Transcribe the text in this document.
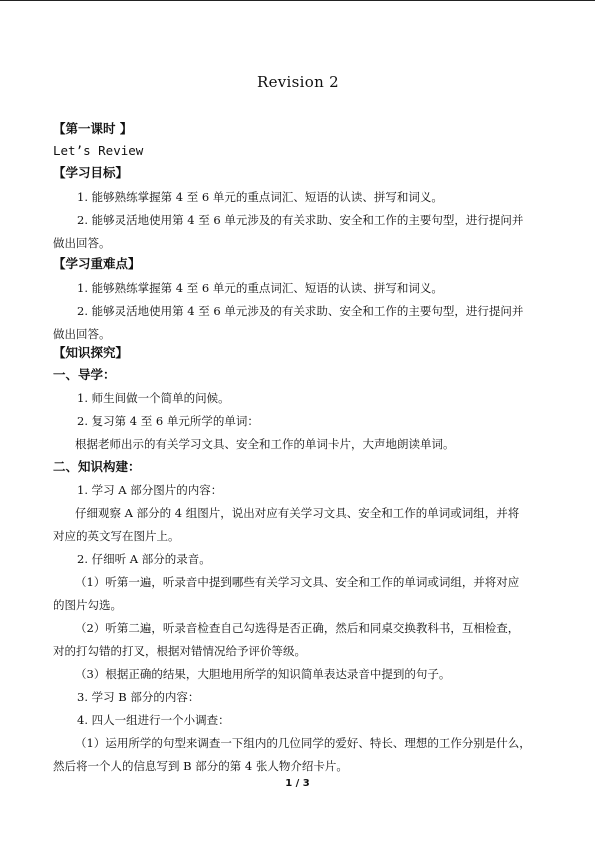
Revision 2
【第一课时 】
Let’s Review
【学习目标】
1. 能够熟练掌握第 4 至 6 单元的重点词汇、短语的认读、拼写和词义。
2. 能够灵活地使用第 4 至 6 单元涉及的有关求助、安全和工作的主要句型，进行提问并
做出回答。
【学习重难点】
1. 能够熟练掌握第 4 至 6 单元的重点词汇、短语的认读、拼写和词义。
2. 能够灵活地使用第 4 至 6 单元涉及的有关求助、安全和工作的主要句型，进行提问并
做出回答。
【知识探究】
一、导学：
1. 师生间做一个简单的问候。
2. 复习第 4 至 6 单元所学的单词：
根据老师出示的有关学习文具、安全和工作的单词卡片，大声地朗读单词。
二、知识构建：
1. 学习 A 部分图片的内容：
仔细观察 A 部分的 4 组图片，说出对应有关学习文具、安全和工作的单词或词组，并将
对应的英文写在图片上。
2. 仔细听 A 部分的录音。
（1）听第一遍，听录音中提到哪些有关学习文具、安全和工作的单词或词组，并将对应
的图片勾选。
（2）听第二遍，听录音检查自己勾选得是否正确，然后和同桌交换教科书，互相检查，
对的打勾错的打叉，根据对错情况给予评价等级。
（3）根据正确的结果，大胆地用所学的知识简单表达录音中提到的句子。
3. 学习 B 部分的内容：
4. 四人一组进行一个小调查：
（1）运用所学的句型来调查一下组内的几位同学的爱好、特长、理想的工作分别是什么，
然后将一个人的信息写到 B 部分的第 4 张人物介绍卡片。
1 / 3
